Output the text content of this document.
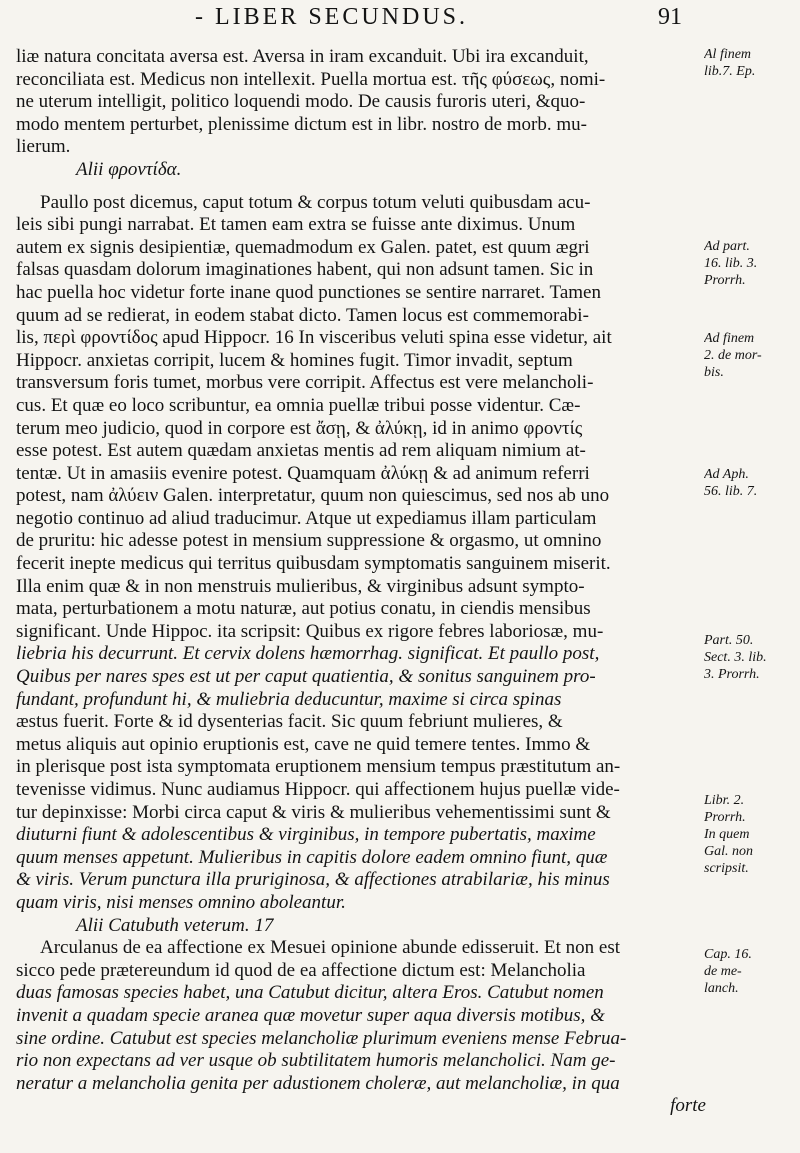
- LIBER SECUNDUS.	91
liæ natura concitata aversa est. Aversa in iram excanduit. Ubi ira excanduit,
reconciliata est. Medicus non intellexit. Puella mortua est. τῆς φύσεως, nomi-
ne uterum intelligit, politico loquendi modo. De causis furoris uteri, &quo-
modo mentem perturbet, plenissime dictum est in libr. nostro de morb. mu-
lierum.
Alii φροντίδα.
Paullo post dicemus, caput totum & corpus totum veluti quibusdam acu-
leis sibi pungi narrabat. Et tamen eam extra se fuisse ante diximus. Unum
autem ex signis desipientiæ, quemadmodum ex Galen. patet, est quum ægri
falsas quasdam dolorum imaginationes habent, qui non adsunt tamen. Sic in
hac puella hoc videtur forte inane quod punctiones se sentire narraret. Tamen
quum ad se redierat, in eodem stabat dicto. Tamen locus est commemorabi-
lis, περὶ φροντίδος apud Hippocr. 16 In visceribus veluti spina esse videtur, ait
Hippocr. anxietas corripit, lucem & homines fugit. Timor invadit, septum
transversum foris tumet, morbus vere corripit. Affectus est vere melancholi-
cus. Et quæ eo loco scribuntur, ea omnia puellæ tribui posse videntur. Cæ-
terum meo judicio, quod in corpore est ἄσῃ, & ἀλύκῃ, id in animo φροντίς
esse potest. Est autem quædam anxietas mentis ad rem aliquam nimium at-
tentæ. Ut in amasiis evenire potest. Quamquam ἀλύκῃ & ad animum referri
potest, nam ἀλύειν Galen. interpretatur, quum non quiescimus, sed nos ab uno
negotio continuo ad aliud traducimur. Atque ut expediamus illam particulam
de pruritu: hic adesse potest in mensium suppressione & orgasmo, ut omnino
fecerit inepte medicus qui territus quibusdam symptomatis sanguinem miserit.
Illa enim quæ & in non menstruis mulieribus, & virginibus adsunt sympto-
mata, perturbationem a motu naturæ, aut potius conatu, in ciendis mensibus
significant. Unde Hippoc. ita scripsit: Quibus ex rigore febres laboriosæ, mu-
liebria his decurrunt. Et cervix dolens hæmorrhag. significat. Et paullo post,
Quibus per nares spes est ut per caput quatientia, & sonitus sanguinem pro-
fundant, profundunt hi, & muliebria deducuntur, maxime si circa spinas
æstus fuerit. Forte & id dysenterias facit. Sic quum febriunt mulieres, &
metus aliquis aut opinio eruptionis est, cave ne quid temere tentes. Immo &
in plerisque post ista symptomata eruptionem mensium tempus præstitutum an-
tevenisse vidimus. Nunc audiamus Hippocr. qui affectionem hujus puellæ vide-
tur depinxisse: Morbi circa caput & viris & mulieribus vehementissimi sunt &
diuturni fiunt & adolescentibus & virginibus, in tempore pubertatis, maxime
quum menses appetunt. Mulieribus in capitis dolore eadem omnino fiunt, quæ
& viris. Verum punctura illa pruriginosa, & affectiones atrabilariæ, his minus
quam viris, nisi menses omnino aboleantur.
Alii Catubuth veterum. 17
Arculanus de ea affectione ex Mesuei opinione abunde edisseruit. Et non est
sicco pede prætereundum id quod de ea affectione dictum est: Melancholia
duas famosas species habet, una Catubut dicitur, altera Eros. Catubut nomen
invenit a quadam specie aranea quæ movetur super aqua diversis motibus, &
sine ordine. Catubut est species melancholiæ plurimum eveniens mense Februa-
rio non expectans ad ver usque ob subtilitatem humoris melancholici. Nam ge-
neratur a melancholia genita per adustionem choleræ, aut melancholiæ, in qua
forte
Al finem
lib.7. Ep.
Ad part.
16. lib. 3.
Prorrh.
Ad finem
2. de mor-
bis.
Ad Aph.
56. lib. 7.
Part. 50.
Sect. 3. lib.
3. Prorrh.
Libr. 2.
Prorrh.
In quem
Gal. non
scripsit.
Cap. 16.
de me-
lanch.
